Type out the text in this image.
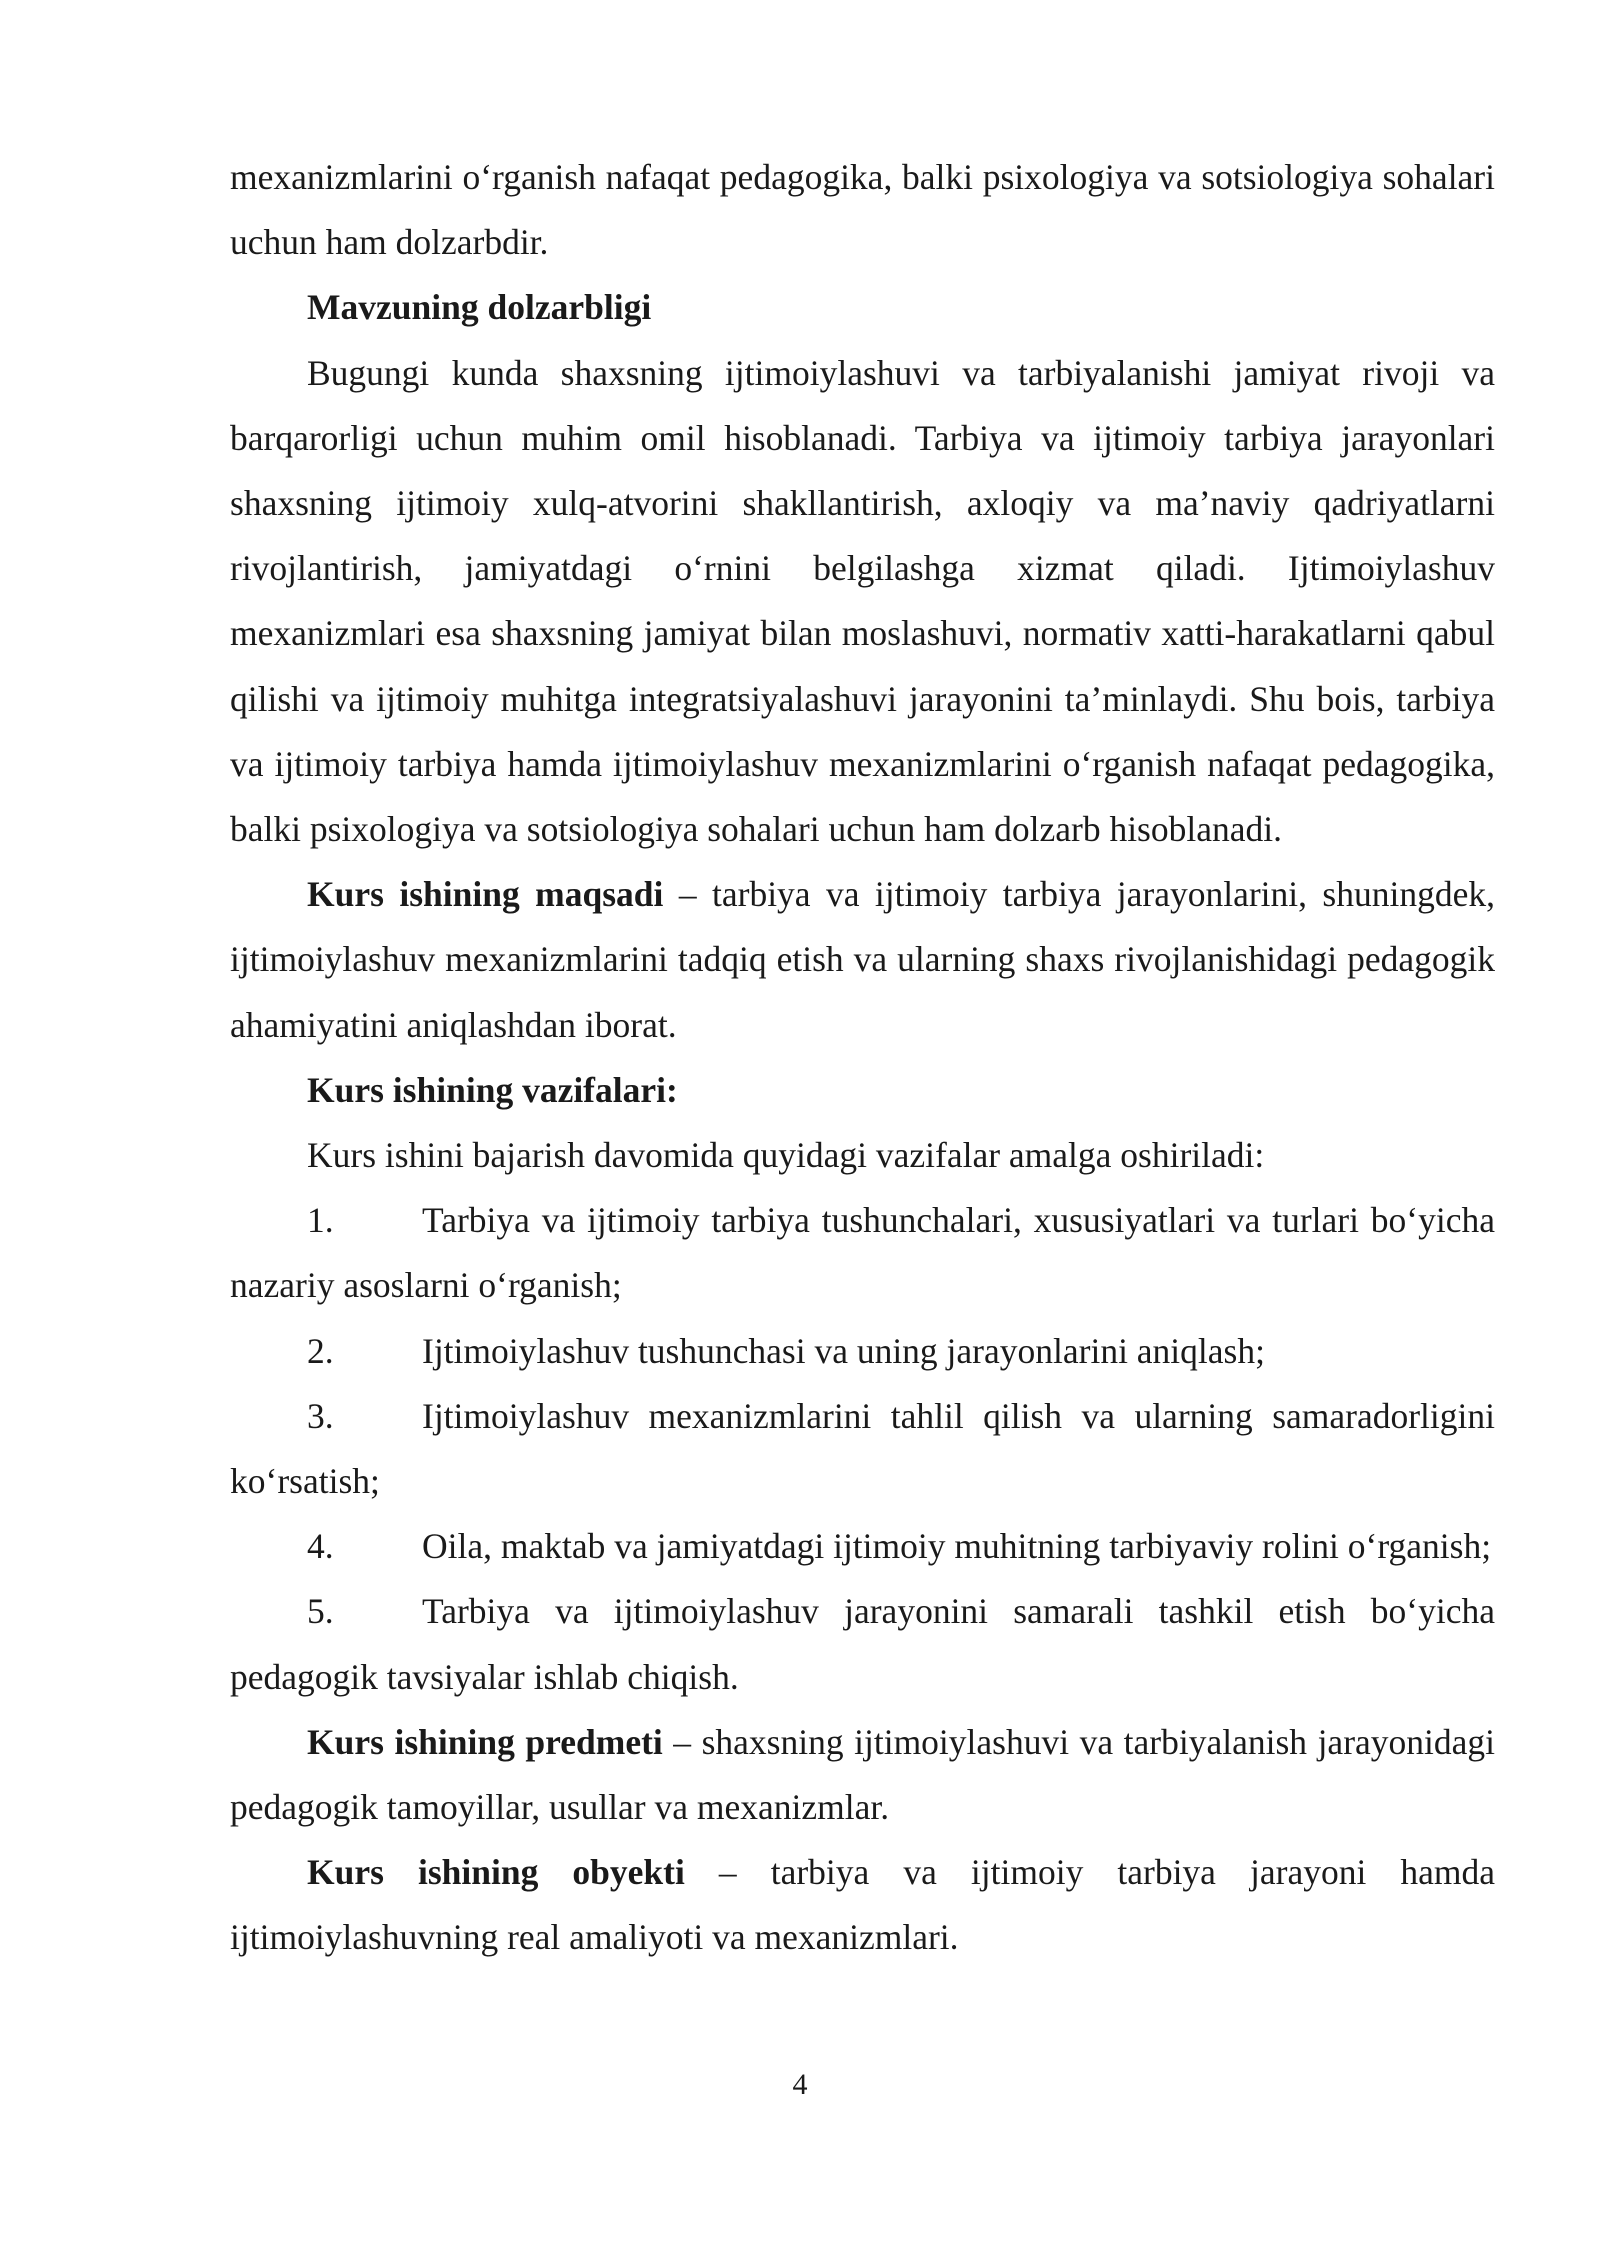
mexanizmlarini o‘rganish nafaqat pedagogika, balki psixologiya va sotsiologiya sohalari uchun ham dolzarbdir.

Mavzuning dolzarbligi

Bugungi kunda shaxsning ijtimoiylashuvi va tarbiyalanishi jamiyat rivoji va barqarorligi uchun muhim omil hisoblanadi. Tarbiya va ijtimoiy tarbiya jarayonlari shaxsning ijtimoiy xulq-atvorini shakllantirish, axloqiy va ma’naviy qadriyatlarni rivojlantirish, jamiyatdagi o‘rnini belgilashga xizmat qiladi. Ijtimoiylashuv mexanizmlari esa shaxsning jamiyat bilan moslashuvi, normativ xatti-harakatlarni qabul qilishi va ijtimoiy muhitga integratsiyalashuvi jarayonini ta’minlaydi. Shu bois, tarbiya va ijtimoiy tarbiya hamda ijtimoiylashuv mexanizmlarini o‘rganish nafaqat pedagogika, balki psixologiya va sotsiologiya sohalari uchun ham dolzarb hisoblanadi.

Kurs ishining maqsadi – tarbiya va ijtimoiy tarbiya jarayonlarini, shuningdek, ijtimoiylashuv mexanizmlarini tadqiq etish va ularning shaxs rivojlanishidagi pedagogik ahamiyatini aniqlashdan iborat.

Kurs ishining vazifalari:

Kurs ishini bajarish davomida quyidagi vazifalar amalga oshiriladi:

1. Tarbiya va ijtimoiy tarbiya tushunchalari, xususiyatlari va turlari bo‘yicha nazariy asoslarni o‘rganish;

2. Ijtimoiylashuv tushunchasi va uning jarayonlarini aniqlash;

3. Ijtimoiylashuv mexanizmlarini tahlil qilish va ularning samaradorligini ko‘rsatish;

4. Oila, maktab va jamiyatdagi ijtimoiy muhitning tarbiyaviy rolini o‘rganish;

5. Tarbiya va ijtimoiylashuv jarayonini samarali tashkil etish bo‘yicha pedagogik tavsiyalar ishlab chiqish.

Kurs ishining predmeti – shaxsning ijtimoiylashuvi va tarbiyalanish jarayonidagi pedagogik tamoyillar, usullar va mexanizmlar.

Kurs ishining obyekti – tarbiya va ijtimoiy tarbiya jarayoni hamda ijtimoiylashuvning real amaliyoti va mexanizmlari.

4
